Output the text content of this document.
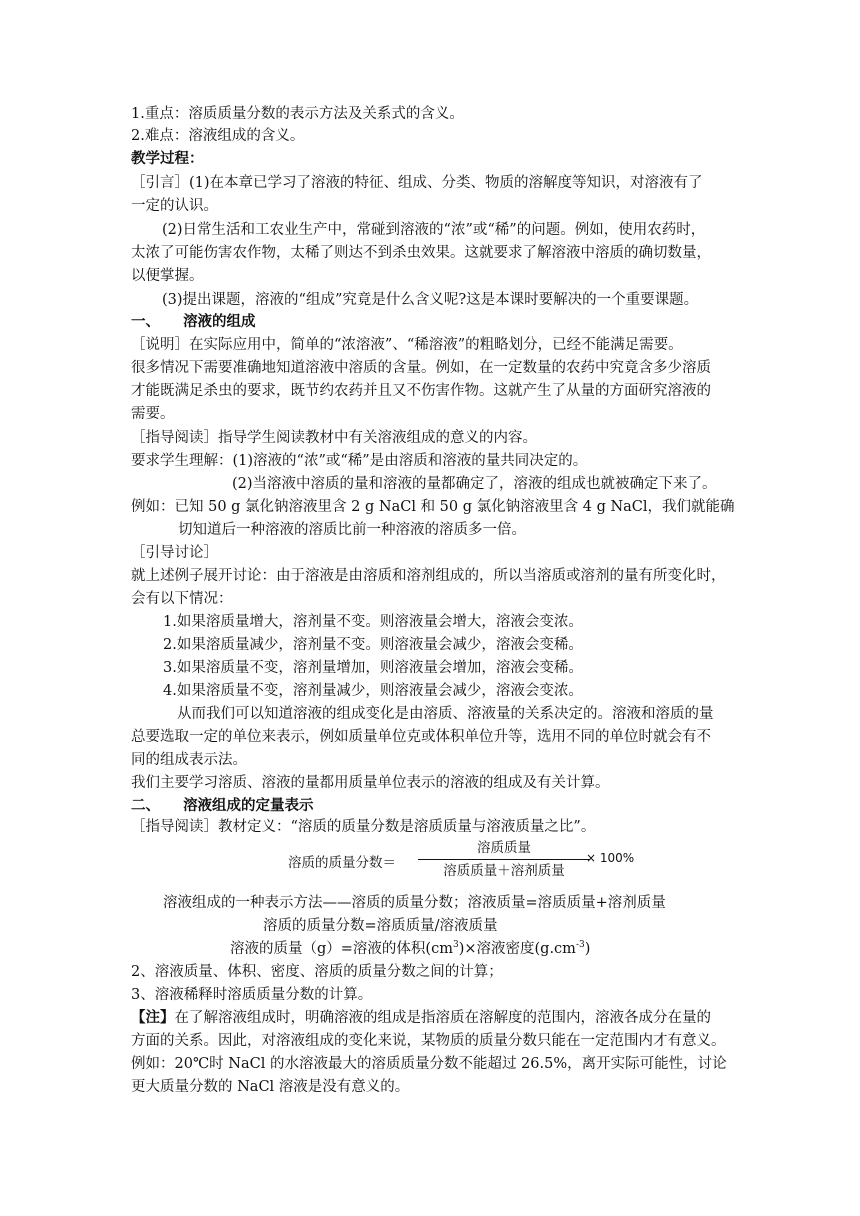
1.重点：溶质质量分数的表示方法及关系式的含义。
2.难点：溶液组成的含义。
教学过程：
［引言］(1)在本章已学习了溶液的特征、组成、分类、物质的溶解度等知识，对溶液有了
一定的认识。
(2)日常生活和工农业生产中，常碰到溶液的“浓”或“稀”的问题。例如，使用农药时，
太浓了可能伤害农作物，太稀了则达不到杀虫效果。这就要求了解溶液中溶质的确切数量，
以便掌握。
(3)提出课题，溶液的“组成”究竟是什么含义呢?这是本课时要解决的一个重要课题。
一、 溶液的组成
［说明］在实际应用中，简单的“浓溶液”、“稀溶液”的粗略划分，已经不能满足需要。
很多情况下需要准确地知道溶液中溶质的含量。例如，在一定数量的农药中究竟含多少溶质
才能既满足杀虫的要求，既节约农药并且又不伤害作物。这就产生了从量的方面研究溶液的
需要。
［指导阅读］指导学生阅读教材中有关溶液组成的意义的内容。
要求学生理解：(1)溶液的“浓”或“稀”是由溶质和溶液的量共同决定的。
(2)当溶液中溶质的量和溶液的量都确定了，溶液的组成也就被确定下来了。
例如：已知 50 g 氯化钠溶液里含 2 g NaCl 和 50 g 氯化钠溶液里含 4 g NaCl，我们就能确
切知道后一种溶液的溶质比前一种溶液的溶质多一倍。
［引导讨论］
就上述例子展开讨论：由于溶液是由溶质和溶剂组成的，所以当溶质或溶剂的量有所变化时，
会有以下情况：
1.如果溶质量增大，溶剂量不变。则溶液量会增大，溶液会变浓。
2.如果溶质量减少，溶剂量不变。则溶液量会减少，溶液会变稀。
3.如果溶质量不变，溶剂量增加，则溶液量会增加，溶液会变稀。
4.如果溶质量不变，溶剂量减少，则溶液量会减少，溶液会变浓。
从而我们可以知道溶液的组成变化是由溶质、溶液量的关系决定的。溶液和溶质的量
总要选取一定的单位来表示，例如质量单位克或体积单位升等，选用不同的单位时就会有不
同的组成表示法。
我们主要学习溶质、溶液的量都用质量单位表示的溶液的组成及有关计算。
二、 溶液组成的定量表示
［指导阅读］教材定义：“溶质的质量分数是溶质质量与溶液质量之比”。
溶质的质量分数＝
溶质质量
溶质质量＋溶剂质量
× 100%
溶液组成的一种表示方法——溶质的质量分数；溶液质量=溶质质量+溶剂质量
溶质的质量分数=溶质质量/溶液质量
溶液的质量（g）=溶液的体积$(cm^3)\times$溶液密度$(g.cm^{-3})$
2、溶液质量、体积、密度、溶质的质量分数之间的计算；
3、溶液稀释时溶质质量分数的计算。
【注】在了解溶液组成时，明确溶液的组成是指溶质在溶解度的范围内，溶液各成分在量的
方面的关系。因此，对溶液组成的变化来说，某物质的质量分数只能在一定范围内才有意义。
例如：20℃时 NaCl 的水溶液最大的溶质质量分数不能超过 26.5%，离开实际可能性，讨论
更大质量分数的 NaCl 溶液是没有意义的。
